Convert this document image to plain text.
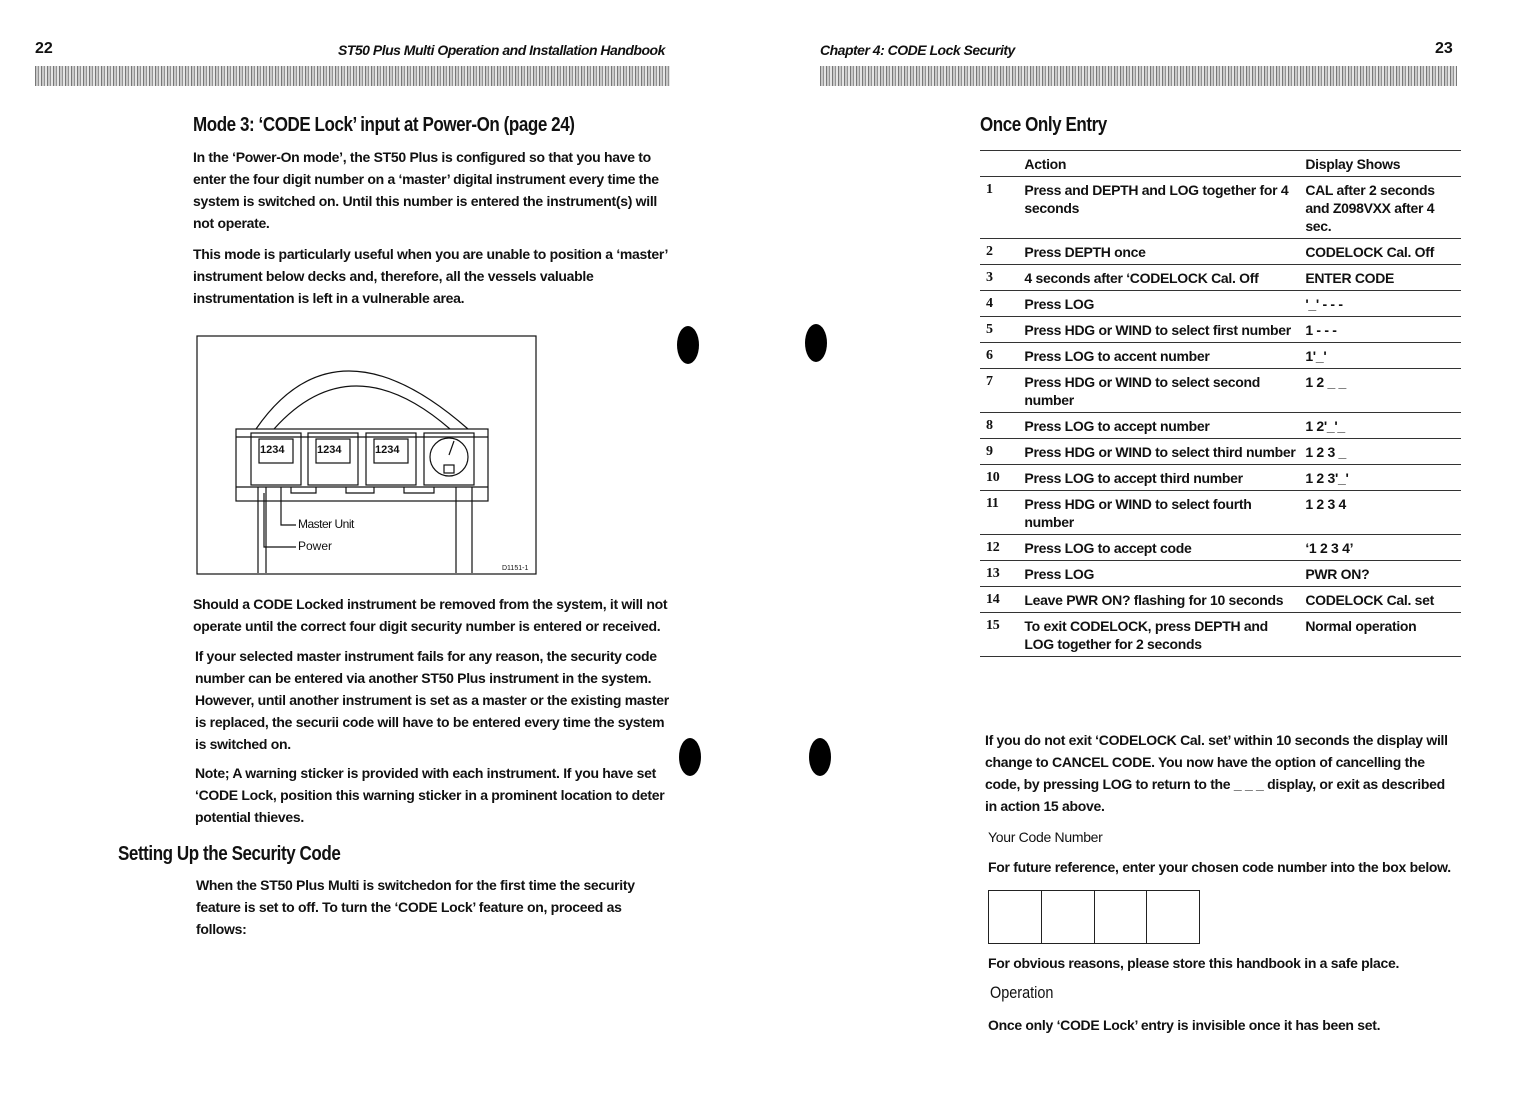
22	ST50 Plus Multi Operation and Installation Handbook
Mode 3: ‘CODE Lock’ input at Power-On (page 24)

In the ‘Power-On mode’, the ST50 Plus is configured so that you have to enter the four digit number on a ‘master’ digital instrument every time the system is switched on. Until this number is entered the instrument(s) will not operate.

This mode is particularly useful when you are unable to position a ‘master’ instrument below decks and, therefore, all the vessels valuable instrumentation is left in a vulnerable area.

1234	1234	1234
Master Unit
Power
D1151-1

Should a CODE Locked instrument be removed from the system, it will not operate until the correct four digit security number is entered or received.

If your selected master instrument fails for any reason, the security code number can be entered via another ST50 Plus instrument in the system. However, until another instrument is set as a master or the existing master is replaced, the securii code will have to be entered every time the system is switched on.

Note; A warning sticker is provided with each instrument. If you have set ‘CODE Lock, position this warning sticker in a prominent location to deter potential thieves.

Setting Up the Security Code

When the ST50 Plus Multi is switchedon for the first time the security feature is set to off. To turn the ‘CODE Lock’ feature on, proceed as follows:

Chapter 4: CODE Lock Security	23
Once Only Entry
	Action	Display Shows
1	Press and DEPTH and LOG together for 4 seconds	CAL after 2 seconds and Z098VXX after 4 sec.
2	Press DEPTH once	CODELOCK Cal. Off
3	4 seconds after ‘CODELOCK Cal. Off	ENTER CODE
4	Press LOG	'_' - - -
5	Press HDG or WIND to select first number	1 - - -
6	Press LOG to accent number	1'_'
7	Press HDG or WIND to select second number	1 2 _ _
8	Press LOG to accept number	1 2'_'_
9	Press HDG or WIND to select third number	1 2 3 _
10	Press LOG to accept third number	1 2 3'_'
11	Press HDG or WIND to select fourth number	1 2 3 4
12	Press LOG to accept code	‘1 2 3 4’
13	Press LOG	PWR ON?
14	Leave PWR ON? flashing for 10 seconds	CODELOCK Cal. set
15	To exit CODELOCK, press DEPTH and LOG together for 2 seconds	Normal operation

If you do not exit ‘CODELOCK Cal. set’ within 10 seconds the display will change to CANCEL CODE. You now have the option of cancelling the code, by pressing LOG to return to the _ _ _ display, or exit as described in action 15 above.

Your Code Number

For future reference, enter your chosen code number into the box below.

For obvious reasons, please store this handbook in a safe place.

Operation

Once only ‘CODE Lock’ entry is invisible once it has been set.
